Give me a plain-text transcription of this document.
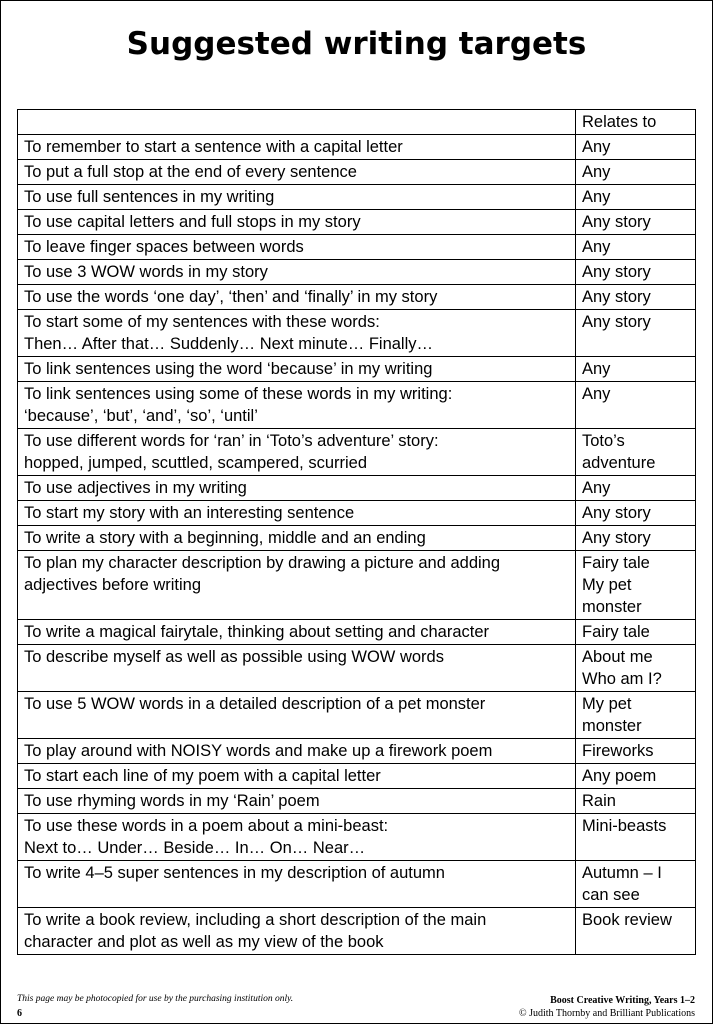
Suggested writing targets
	Relates to

To remember to start a sentence with a capital letter	Any

To put a full stop at the end of every sentence	Any

To use full sentences in my writing	Any

To use capital letters and full stops in my story	Any story

To leave finger spaces between words	Any

To use 3 WOW words in my story	Any story

To use the words ‘one day’, ‘then’ and ‘finally’ in my story	Any story

To start some of my sentences with these words:
Then… After that… Suddenly… Next minute… Finally…	Any story

To link sentences using the word ‘because’ in my writing	Any

To link sentences using some of these words in my writing:
‘because’, ‘but’, ‘and’, ‘so’, ‘until’	Any

To use different words for ‘ran’ in ‘Toto’s adventure’ story:
hopped, jumped, scuttled, scampered, scurried	Toto’s
adventure

To use adjectives in my writing	Any

To start my story with an interesting sentence	Any story

To write a story with a beginning, middle and an ending	Any story

To plan my character description by drawing a picture and adding
adjectives before writing	Fairy tale
My pet
monster

To write a magical fairytale, thinking about setting and character	Fairy tale

To describe myself as well as possible using WOW words	About me
Who am I?

To use 5 WOW words in a detailed description of a pet monster	My pet
monster

To play around with NOISY words and make up a firework poem	Fireworks

To start each line of my poem with a capital letter	Any poem

To use rhyming words in my ‘Rain’ poem	Rain

To use these words in a poem about a mini-beast:
Next to… Under… Beside… In… On… Near…	Mini-beasts

To write 4–5 super sentences in my description of autumn	Autumn – I
can see

To write a book review, including a short description of the main
character and plot as well as my view of the book	Book review
This page may be photocopied for use by the purchasing institution only.
6
Boost Creative Writing, Years 1–2
© Judith Thornby and Brilliant Publications
